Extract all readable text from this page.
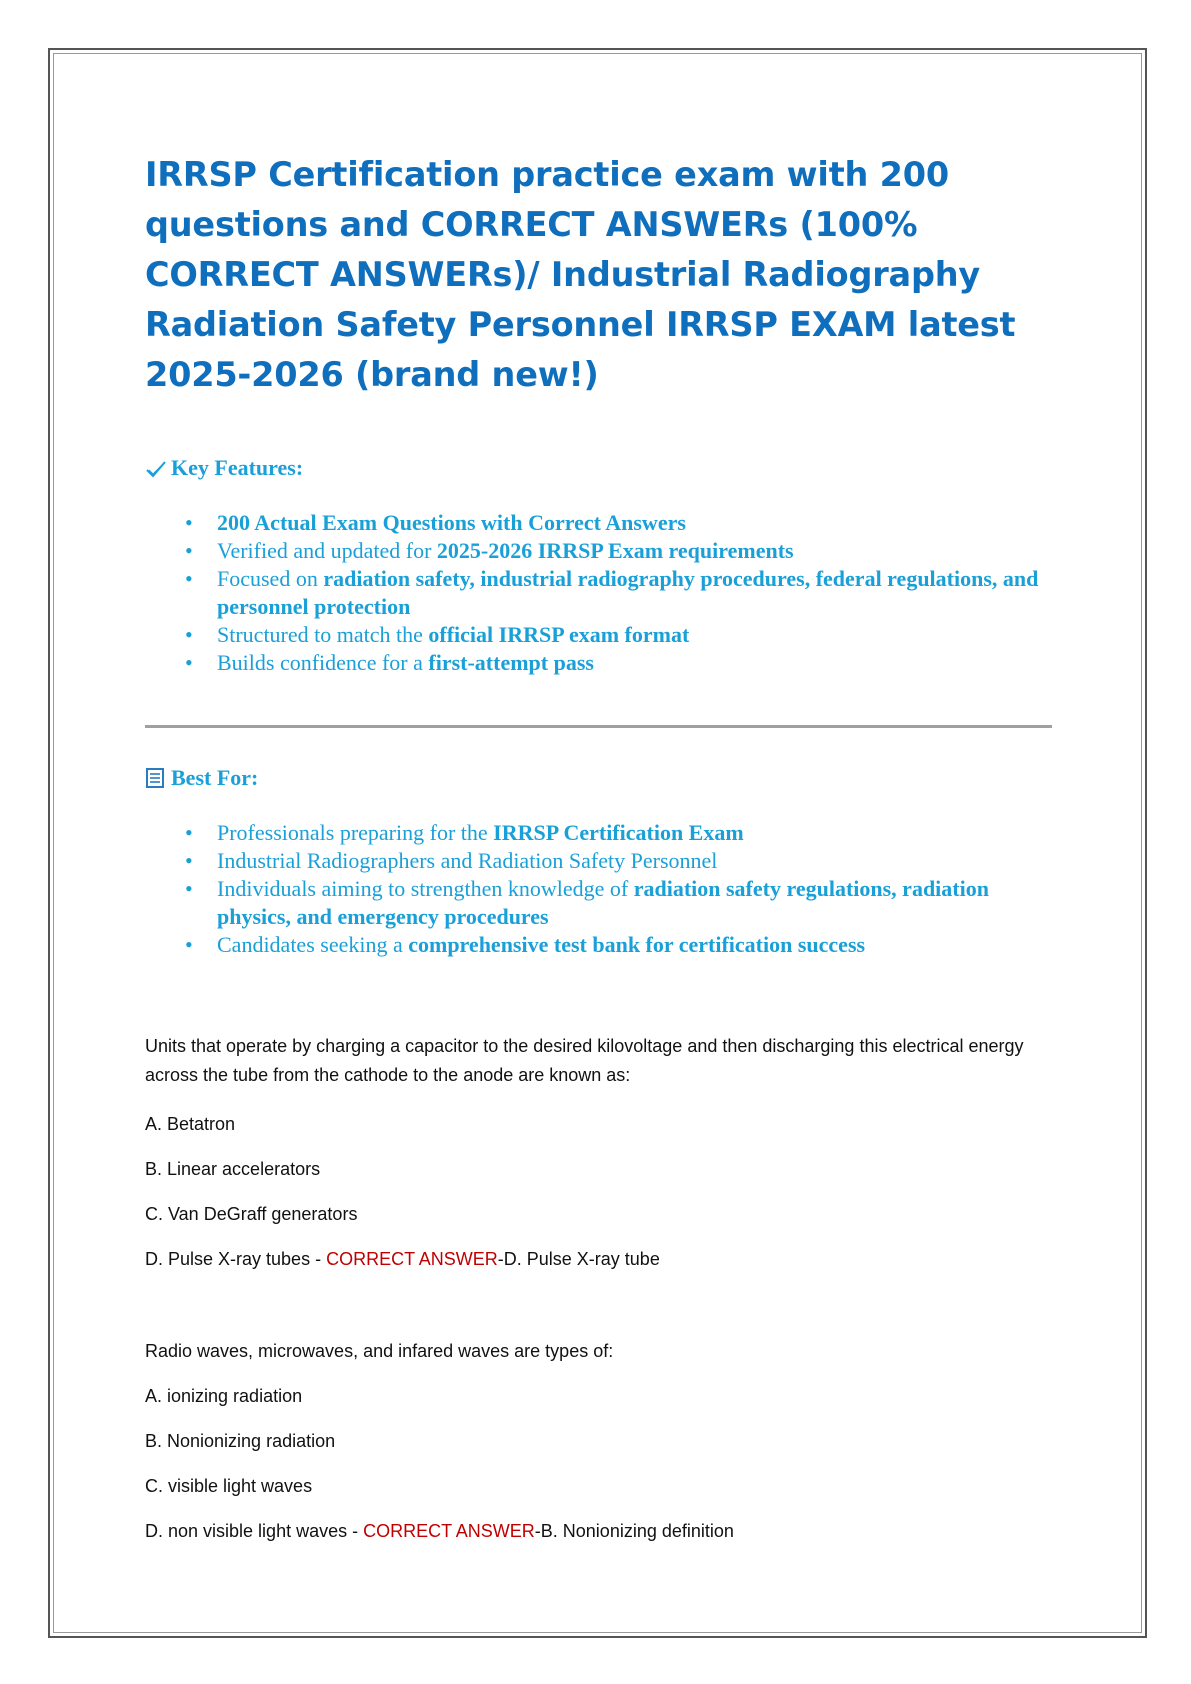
IRRSP Certification practice exam with 200 questions and CORRECT ANSWERs (100% CORRECT ANSWERs)/ Industrial Radiography Radiation Safety Personnel IRRSP EXAM latest 2025-2026 (brand new!)
Key Features:
• 200 Actual Exam Questions with Correct Answers
• Verified and updated for 2025-2026 IRRSP Exam requirements
• Focused on radiation safety, industrial radiography procedures, federal regulations, and personnel protection
• Structured to match the official IRRSP exam format
• Builds confidence for a first-attempt pass
Best For:
• Professionals preparing for the IRRSP Certification Exam
• Industrial Radiographers and Radiation Safety Personnel
• Individuals aiming to strengthen knowledge of radiation safety regulations, radiation physics, and emergency procedures
• Candidates seeking a comprehensive test bank for certification success
Units that operate by charging a capacitor to the desired kilovoltage and then discharging this electrical energy across the tube from the cathode to the anode are known as:
A. Betatron
B. Linear accelerators
C. Van DeGraff generators
D. Pulse X-ray tubes - CORRECT ANSWER-D. Pulse X-ray tube
Radio waves, microwaves, and infared waves are types of:
A. ionizing radiation
B. Nonionizing radiation
C. visible light waves
D. non visible light waves - CORRECT ANSWER-B. Nonionizing definition
